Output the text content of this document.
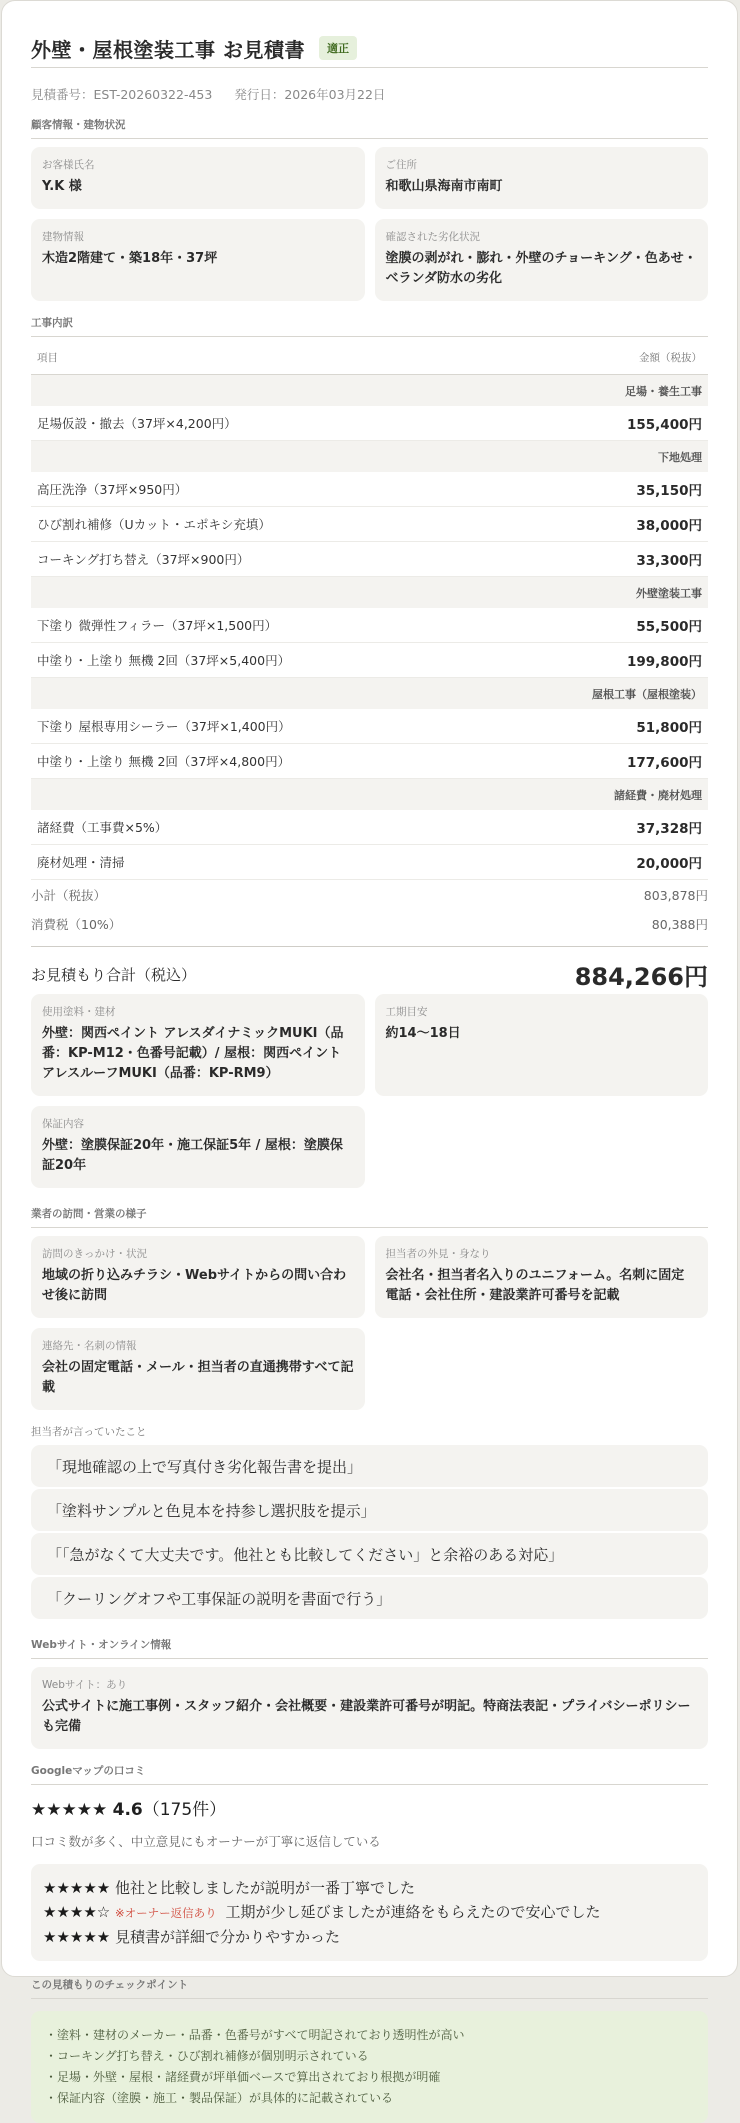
外壁・屋根塗装工事 お見積書	適正
見積番号：EST-20260322-453 発行日：2026年03月22日
顧客情報・建物状況
お客様氏名
Y.K 様
ご住所
和歌山県海南市南町
建物情報
木造2階建て・築18年・37坪
確認された劣化状況
塗膜の剥がれ・膨れ・外壁のチョーキング・色あせ・ベランダ防水の劣化
工事内訳
項目	金額（税抜）
足場・養生工事	
足場仮設・撤去（37坪×4,200円）	155,400円
下地処理	
高圧洗浄（37坪×950円）	35,150円
ひび割れ補修（Uカット・エポキシ充填）	38,000円
コーキング打ち替え（37坪×900円）	33,300円
外壁塗装工事	
下塗り 微弾性フィラー（37坪×1,500円）	55,500円
中塗り・上塗り 無機 2回（37坪×5,400円）	199,800円
屋根工事（屋根塗装）	
下塗り 屋根専用シーラー（37坪×1,400円）	51,800円
中塗り・上塗り 無機 2回（37坪×4,800円）	177,600円
諸経費・廃材処理	
諸経費（工事費×5%）	37,328円
廃材処理・清掃	20,000円
小計（税抜）	803,878円
消費税（10%）	80,388円
お見積もり合計（税込）	884,266円
使用塗料・建材
外壁：関西ペイント アレスダイナミックMUKI（品番：KP-M12・色番号記載）/ 屋根：関西ペイント アレスルーフMUKI（品番：KP-RM9）
工期目安
約14〜18日
保証内容
外壁：塗膜保証20年・施工保証5年 / 屋根：塗膜保証20年
業者の訪問・営業の様子
訪問のきっかけ・状況
地域の折り込みチラシ・Webサイトからの問い合わせ後に訪問
担当者の外見・身なり
会社名・担当者名入りのユニフォーム。名刺に固定電話・会社住所・建設業許可番号を記載
連絡先・名刺の情報
会社の固定電話・メール・担当者の直通携帯すべて記載
担当者が言っていたこと
「現地確認の上で写真付き劣化報告書を提出」
「塗料サンプルと色見本を持参し選択肢を提示」
「「急がなくて大丈夫です。他社とも比較してください」と余裕のある対応」
「クーリングオフや工事保証の説明を書面で行う」
Webサイト・オンライン情報
Webサイト：あり
公式サイトに施工事例・スタッフ紹介・会社概要・建設業許可番号が明記。特商法表記・プライバシーポリシーも完備
Googleマップの口コミ
★★★★★ 4.6（175件）
口コミ数が多く、中立意見にもオーナーが丁寧に返信している
★★★★★ 他社と比較しましたが説明が一番丁寧でした
★★★★☆ ※オーナー返信あり 工期が少し延びましたが連絡をもらえたので安心でした
★★★★★ 見積書が詳細で分かりやすかった
この見積もりのチェックポイント
・塗料・建材のメーカー・品番・色番号がすべて明記されており透明性が高い
・コーキング打ち替え・ひび割れ補修が個別明示されている
・足場・外壁・屋根・諸経費が坪単価ベースで算出されており根拠が明確
・保証内容（塗膜・施工・製品保証）が具体的に記載されている
